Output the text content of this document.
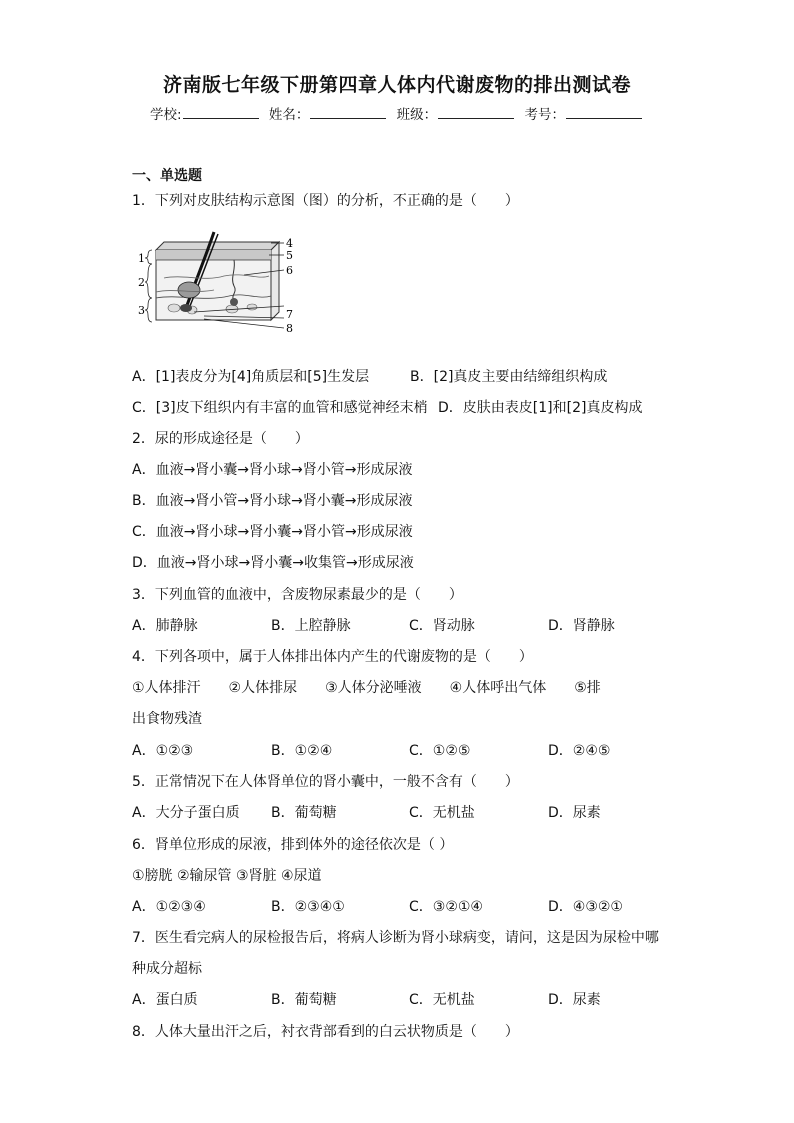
济南版七年级下册第四章人体内代谢废物的排出测试卷
学校:	姓名：	班级：	考号：
一、单选题
1．下列对皮肤结构示意图（图）的分析，不正确的是（　　）
1
2
3
4
5
6
7
8
A．[1]表皮分为[4]角质层和[5]生发层	B．[2]真皮主要由结缔组织构成
C．[3]皮下组织内有丰富的血管和感觉神经末梢 D．皮肤由表皮[1]和[2]真皮构成
2．尿的形成途径是（　　）
A．血液→肾小囊→肾小球→肾小管→形成尿液
B．血液→肾小管→肾小球→肾小囊→形成尿液
C．血液→肾小球→肾小囊→肾小管→形成尿液
D．血液→肾小球→肾小囊→收集管→形成尿液
3．下列血管的血液中，含废物尿素最少的是（　　）
A．肺静脉	B．上腔静脉	C．肾动脉	D．肾静脉
4．下列各项中，属于人体排出体内产生的代谢废物的是（　　）
①人体排汗　　②人体排尿　　③人体分泌唾液　　④人体呼出气体　　⑤排
出食物残渣
A．①②③	B．①②④	C．①②⑤	D．②④⑤
5．正常情况下在人体肾单位的肾小囊中，一般不含有（　　）
A．大分子蛋白质 B．葡萄糖	C．无机盐	D．尿素
6．肾单位形成的尿液，排到体外的途径依次是（ ）
①膀胱 ②输尿管 ③肾脏 ④尿道
A．①②③④	B．②③④①	C．③②①④	D．④③②①
7．医生看完病人的尿检报告后，将病人诊断为肾小球病变，请问，这是因为尿检中哪
种成分超标
A．蛋白质	B．葡萄糖	C．无机盐	D．尿素
8．人体大量出汗之后，衬衣背部看到的白云状物质是（　　）
